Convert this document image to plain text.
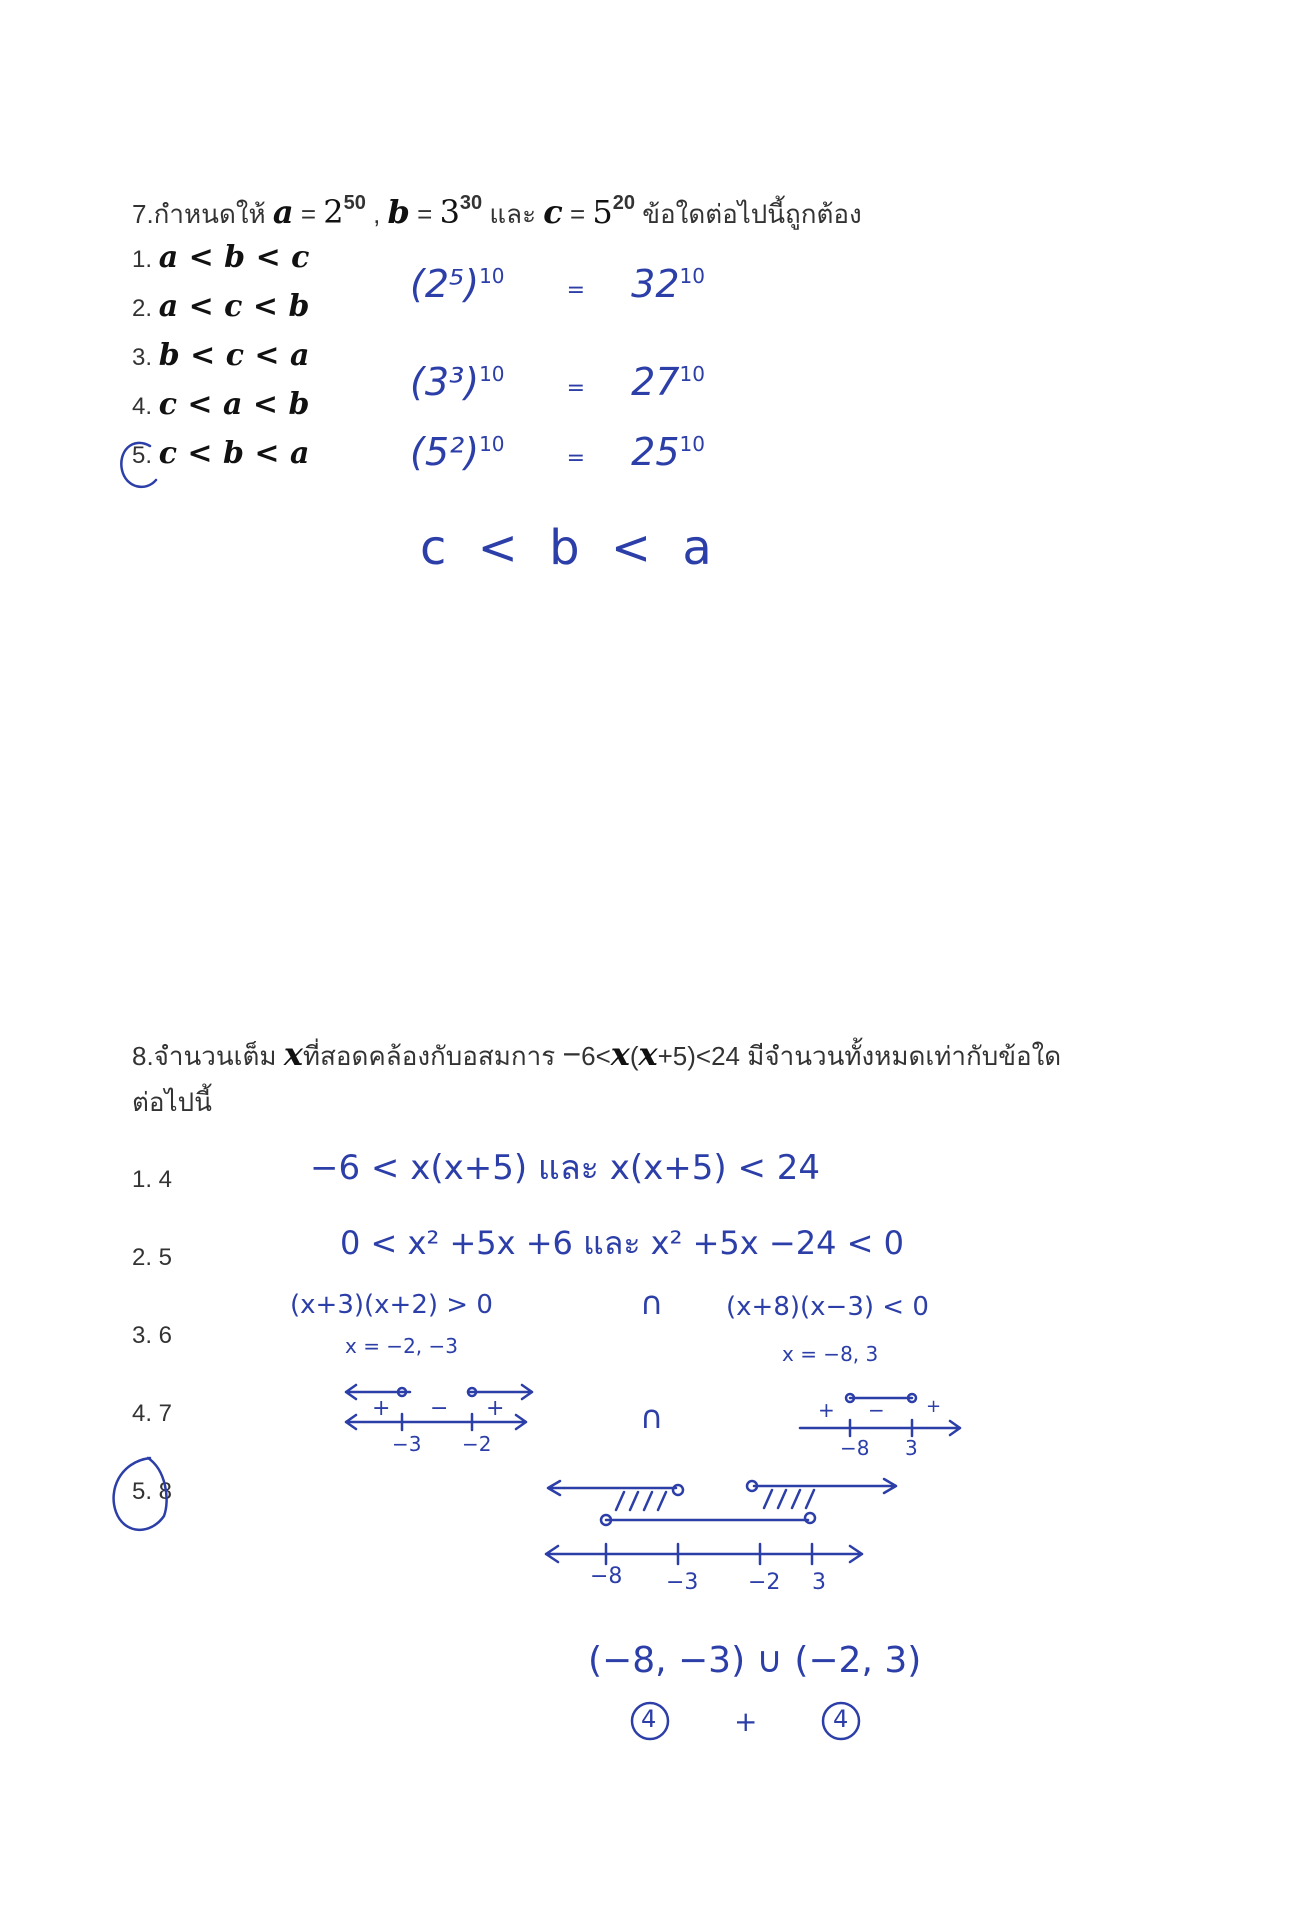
7.กำหนดให้ $a = 2^{50}$ , $b = 3^{30}$ และ $c = 5^{20}$ ข้อใดต่อไปนี้ถูกต้อง
1. a < b < c
2. a < c < b
3. b < c < a
4. c < a < b
5. c < b < a
$(2^5)^{10} = 32^{10}$
$(3^3)^{10} = 27^{10}$
$(5^2)^{10} = 25^{10}$
c < b < a
8.จำนวนเต็ม xที่สอดคล้องกับอสมการ −6<x(x+5)<24 มีจำนวนทั้งหมดเท่ากับข้อใด
ต่อไปนี้
1. 4
2. 5
3. 6
4. 7
5. 8
−6 < x(x+5) และ x(x+5) < 24
0 < x² +5x +6 และ x² +5x −24 < 0
(x+3)(x+2) > 0	∩ (x+8)(x−3) < 0
x = −2, −3	x = −8, 3
+ − +
−3 −2
∩	+ − +
−8 3
−8 −3 −2 3
(−8, −3) ∪ (−2, 3)
4	+	4
